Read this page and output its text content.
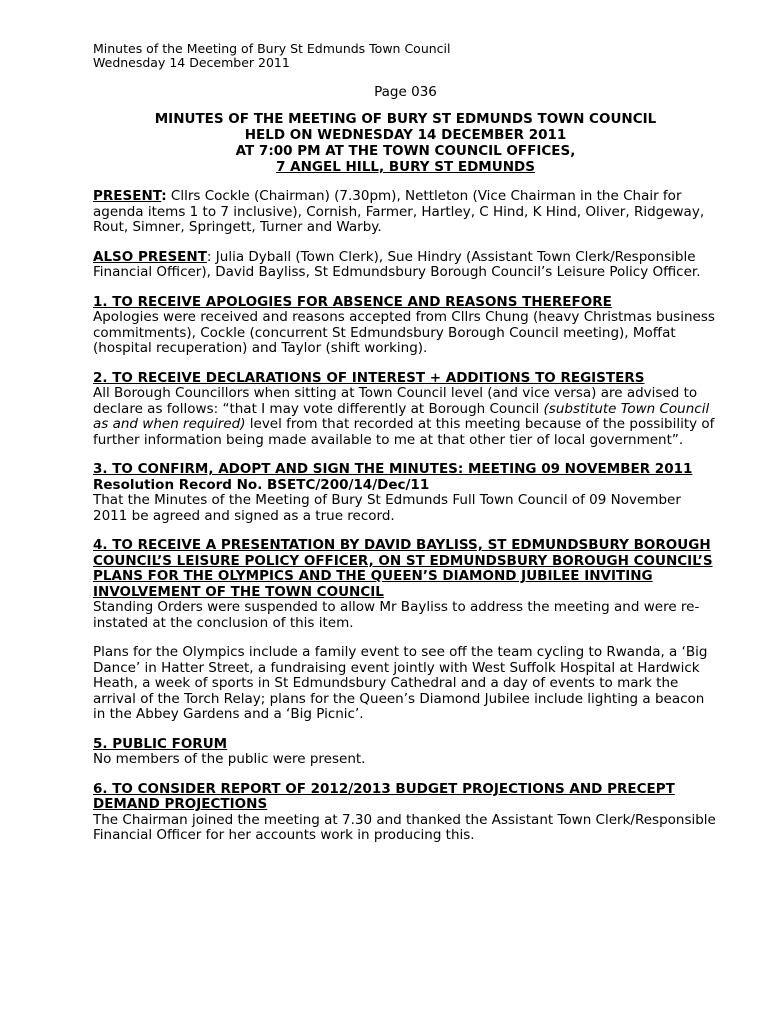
Minutes of the Meeting of Bury St Edmunds Town Council

Wednesday 14 December 2011

Page 036
MINUTES OF THE MEETING OF BURY ST EDMUNDS TOWN COUNCIL
HELD ON WEDNESDAY 14 DECEMBER 2011
AT 7:00 PM AT THE TOWN COUNCIL OFFICES,
7 ANGEL HILL, BURY ST EDMUNDS

PRESENT: Cllrs Cockle (Chairman) (7.30pm), Nettleton (Vice Chairman in the Chair for agenda items 1 to 7 inclusive), Cornish, Farmer, Hartley, C Hind, K Hind, Oliver, Ridgeway, Rout, Simner, Springett, Turner and Warby.

ALSO PRESENT: Julia Dyball (Town Clerk), Sue Hindry (Assistant Town Clerk/Responsible Financial Officer), David Bayliss, St Edmundsbury Borough Council’s Leisure Policy Officer.

1. TO RECEIVE APOLOGIES FOR ABSENCE AND REASONS THEREFORE

Apologies were received and reasons accepted from Cllrs Chung (heavy Christmas business commitments), Cockle (concurrent St Edmundsbury Borough Council meeting), Moffat (hospital recuperation) and Taylor (shift working).

2. TO RECEIVE DECLARATIONS OF INTEREST + ADDITIONS TO REGISTERS

All Borough Councillors when sitting at Town Council level (and vice versa) are advised to declare as follows: “that I may vote differently at Borough Council (substitute Town Council as and when required) level from that recorded at this meeting because of the possibility of further information being made available to me at that other tier of local government”.

3. TO CONFIRM, ADOPT AND SIGN THE MINUTES: MEETING 09 NOVEMBER 2011

Resolution Record No. BSETC/200/14/Dec/11

That the Minutes of the Meeting of Bury St Edmunds Full Town Council of 09 November 2011 be agreed and signed as a true record.

4. TO RECEIVE A PRESENTATION BY DAVID BAYLISS, ST EDMUNDSBURY BOROUGH COUNCIL’S LEISURE POLICY OFFICER, ON ST EDMUNDSBURY BOROUGH COUNCIL’S PLANS FOR THE OLYMPICS AND THE QUEEN’S DIAMOND JUBILEE INVITING INVOLVEMENT OF THE TOWN COUNCIL

Standing Orders were suspended to allow Mr Bayliss to address the meeting and were re-instated at the conclusion of this item.

Plans for the Olympics include a family event to see off the team cycling to Rwanda, a ‘Big Dance’ in Hatter Street, a fundraising event jointly with West Suffolk Hospital at Hardwick Heath, a week of sports in St Edmundsbury Cathedral and a day of events to mark the arrival of the Torch Relay; plans for the Queen’s Diamond Jubilee include lighting a beacon in the Abbey Gardens and a ‘Big Picnic’.

5. PUBLIC FORUM

No members of the public were present.

6. TO CONSIDER REPORT OF 2012/2013 BUDGET PROJECTIONS AND PRECEPT DEMAND PROJECTIONS

The Chairman joined the meeting at 7.30 and thanked the Assistant Town Clerk/Responsible Financial Officer for her accounts work in producing this.
